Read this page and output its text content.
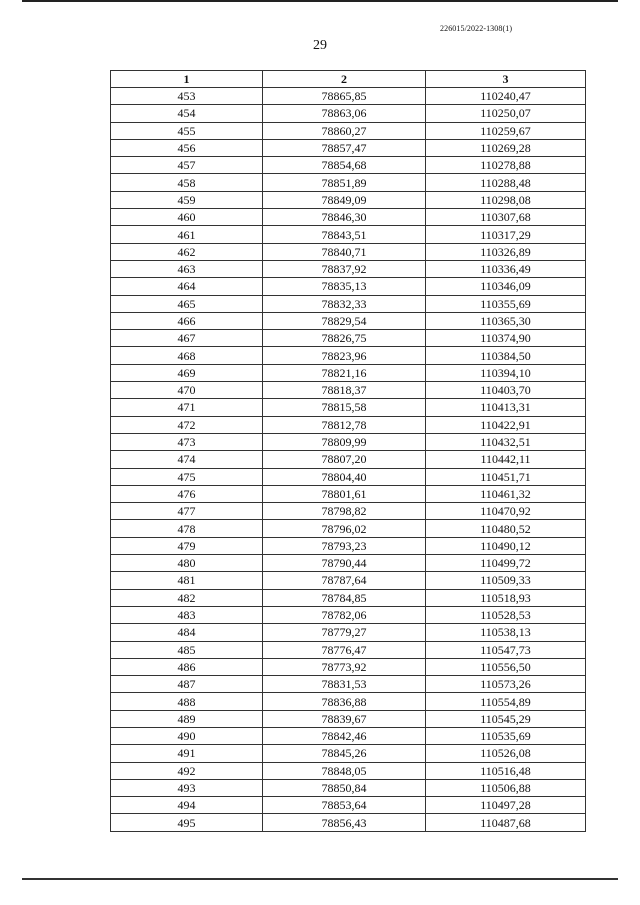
226015/2022-1308(1)
29
1	2	3
453	78865,85	110240,47
454	78863,06	110250,07
455	78860,27	110259,67
456	78857,47	110269,28
457	78854,68	110278,88
458	78851,89	110288,48
459	78849,09	110298,08
460	78846,30	110307,68
461	78843,51	110317,29
462	78840,71	110326,89
463	78837,92	110336,49
464	78835,13	110346,09
465	78832,33	110355,69
466	78829,54	110365,30
467	78826,75	110374,90
468	78823,96	110384,50
469	78821,16	110394,10
470	78818,37	110403,70
471	78815,58	110413,31
472	78812,78	110422,91
473	78809,99	110432,51
474	78807,20	110442,11
475	78804,40	110451,71
476	78801,61	110461,32
477	78798,82	110470,92
478	78796,02	110480,52
479	78793,23	110490,12
480	78790,44	110499,72
481	78787,64	110509,33
482	78784,85	110518,93
483	78782,06	110528,53
484	78779,27	110538,13
485	78776,47	110547,73
486	78773,92	110556,50
487	78831,53	110573,26
488	78836,88	110554,89
489	78839,67	110545,29
490	78842,46	110535,69
491	78845,26	110526,08
492	78848,05	110516,48
493	78850,84	110506,88
494	78853,64	110497,28
495	78856,43	110487,68
